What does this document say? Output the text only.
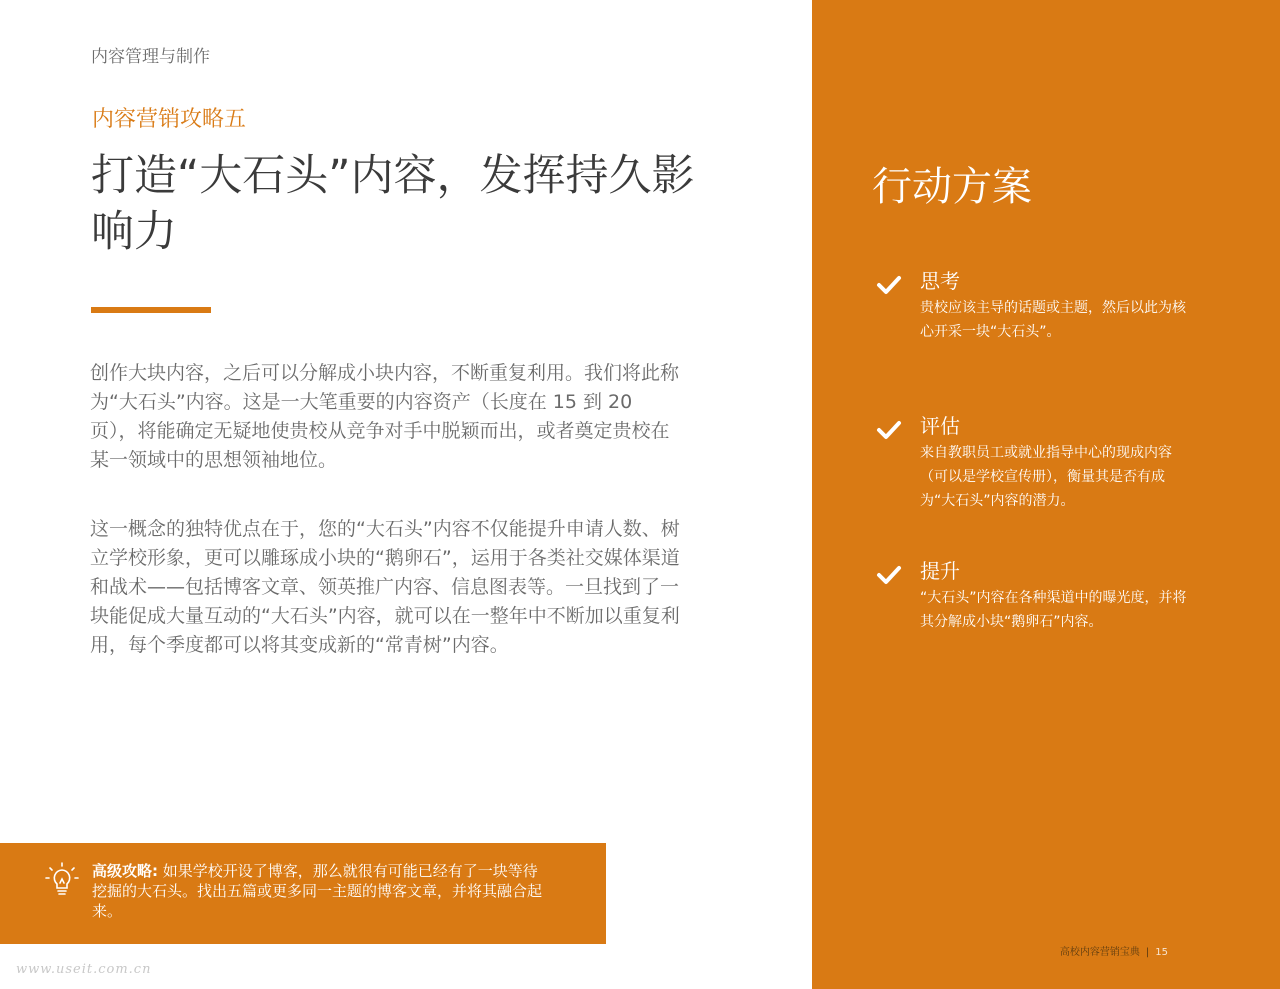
内容管理与制作
内容营销攻略五
打造“大石头”内容，发挥持久影响力

创作大块内容，之后可以分解成小块内容，不断重复利用。我们将此称为“大石头”内容。这是一大笔重要的内容资产（长度在 15 到 20 页），将能确定无疑地使贵校从竞争对手中脱颖而出，或者奠定贵校在某一领域中的思想领袖地位。

这一概念的独特优点在于，您的“大石头”内容不仅能提升申请人数、树立学校形象，更可以雕琢成小块的“鹅卵石”，运用于各类社交媒体渠道和战术——包括博客文章、领英推广内容、信息图表等。一旦找到了一块能促成大量互动的“大石头”内容，就可以在一整年中不断加以重复利用，每个季度都可以将其变成新的“常青树”内容。

高级攻略: 如果学校开设了博客，那么就很有可能已经有了一块等待挖掘的大石头。找出五篇或更多同一主题的博客文章，并将其融合起来。
www.useit.com.cn
行动方案
思考
贵校应该主导的话题或主题，然后以此为核心开采一块“大石头”。
评估
来自教职员工或就业指导中心的现成内容（可以是学校宣传册），衡量其是否有成为“大石头”内容的潜力。
提升
“大石头”内容在各种渠道中的曝光度，并将其分解成小块“鹅卵石”内容。
高校内容营销宝典 | 15
